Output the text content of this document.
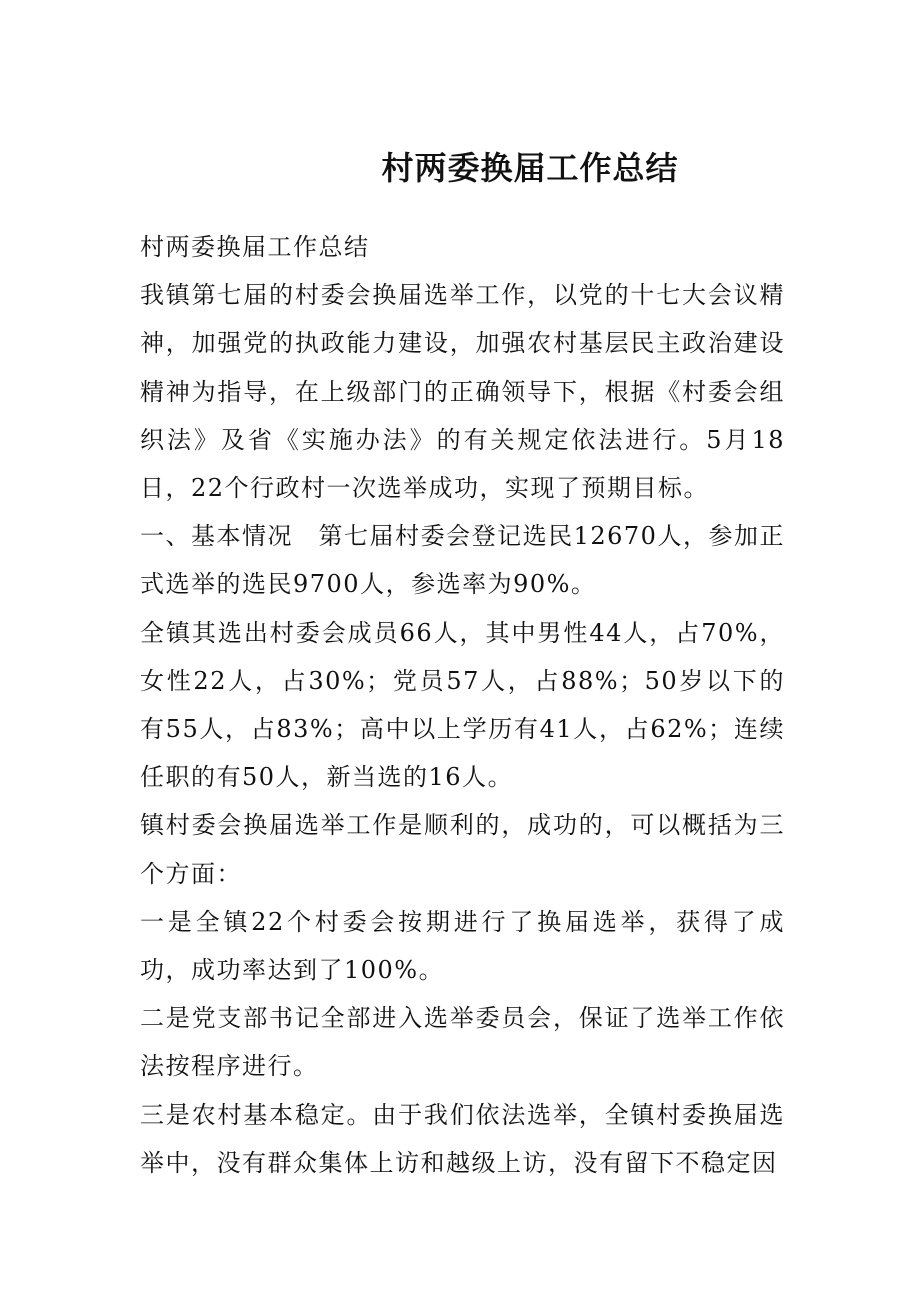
村两委换届工作总结

村两委换届工作总结

我镇第七届的村委会换届选举工作，以党的十七大会议精神，加强党的执政能力建设，加强农村基层民主政治建设精神为指导，在上级部门的正确领导下，根据《村委会组织法》及省《实施办法》的有关规定依法进行。5月18日，22个行政村一次选举成功，实现了预期目标。

一、基本情况　第七届村委会登记选民12670人，参加正式选举的选民9700人，参选率为90%。

全镇其选出村委会成员66人，其中男性44人，占70%，女性22人，占30%；党员57人，占88%；50岁以下的有55人，占83%；高中以上学历有41人，占62%；连续任职的有50人，新当选的16人。

镇村委会换届选举工作是顺利的，成功的，可以概括为三个方面：

一是全镇22个村委会按期进行了换届选举，获得了成功，成功率达到了100%。

二是党支部书记全部进入选举委员会，保证了选举工作依法按程序进行。

三是农村基本稳定。由于我们依法选举，全镇村委换届选举中，没有群众集体上访和越级上访，没有留下不稳定因
